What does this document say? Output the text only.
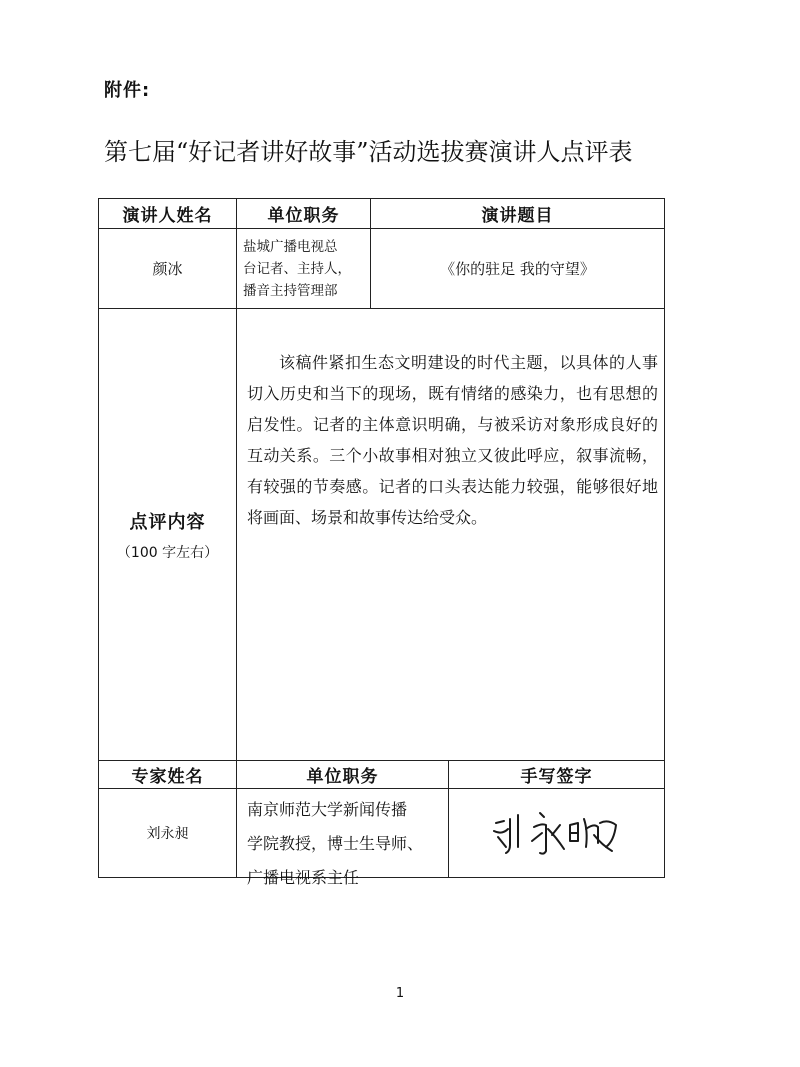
附件:
第七届“好记者讲好故事”活动选拔赛演讲人点评表
演讲人姓名	单位职务	演讲题目	
颜冰	盐城广播电视总
台记者、主持人，
播音主持管理部	《你的驻足 我的守望》	

点评内容
（100 字左右）	该稿件紧扣生态文明建设的时代主题，以具体的人事切入历史和当下的现场，既有情绪的感染力，也有思想的启发性。记者的主体意识明确，与被采访对象形成良好的互动关系。三个小故事相对独立又彼此呼应，叙事流畅，有较强的节奏感。记者的口头表达能力较强，能够很好地将画面、场景和故事传达给受众。		

专家姓名	单位职务		手写签字
刘永昶	南京师范大学新闻传播
学院教授，博士生导师、
广播电视系主任

1
